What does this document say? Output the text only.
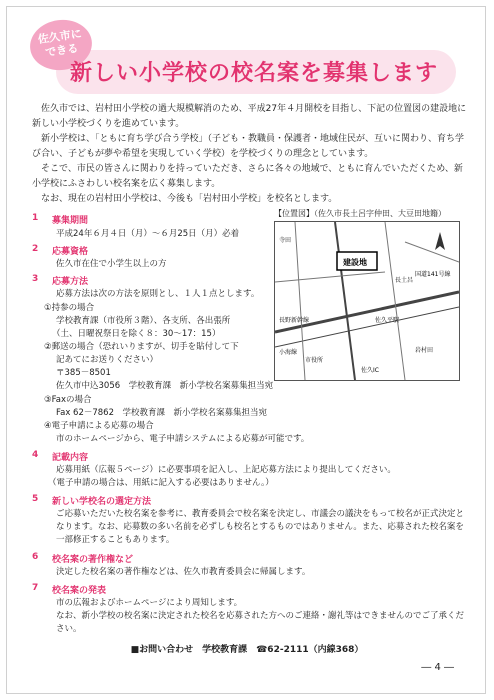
佐久市に
できる
新しい小学校の校名案を募集します

佐久市では、岩村田小学校の過大規模解消のため、平成27年４月開校を目指し、下記の位置図の建設地に新しい小学校づくりを進めています。

新小学校は、「ともに育ち学び合う学校」（子ども・教職員・保護者・地域住民が、互いに関わり、育ち学び合い、子どもが夢や希望を実現していく学校）を学校づくりの理念としています。

そこで、市民の皆さんに関わりを持っていただき、さらに各々の地域で、ともに育んでいただくため、新小学校にふさわしい校名案を広く募集します。

なお、現在の岩村田小学校は、今後も「岩村田小学校」を校名とします。

1 募集期間
平成24年６月４日（月）～６月25日（月）必着
2 応募資格
佐久市在住で小学生以上の方
3 応募方法
応募方法は次の方法を原則とし、１人１点とします。
①持参の場合
学校教育課（市役所３階）、各支所、各出張所
（土、日曜祝祭日を除く８：30～17：15）
②郵送の場合（恐れいりますが、切手を貼付して下
記あてにお送りください）
〒385－8501
佐久市中込3056　学校教育課　新小学校名案募集担当宛
③Faxの場合
Fax 62－7862　学校教育課　新小学校名案募集担当宛
④電子申請による応募の場合
市のホームページから、電子申請システムによる応募が可能です。
4 記載内容
応募用紙（広報５ページ）に必要事項を記入し、上記応募方法により提出してください。
（電子申請の場合は、用紙に記入する必要はありません。）
5 新しい学校名の選定方法
ご応募いただいた校名案を参考に、教育委員会で校名案を決定し、市議会の議決をもって校名が正式決定となります。なお、応募数の多い名前を必ずしも校名とするものではありません。また、応募された校名案を一部修正することもあります。
6 校名案の著作権など
決定した校名案の著作権などは、佐久市教育委員会に帰属します。
7 校名案の発表
市の広報およびホームページにより周知します。
なお、新小学校の校名案に決定された校名を応募された方へのご連絡・謝礼等はできませんのでご了承ください。
【位置図】（佐久市長土呂字仲田、大豆田地籍）
建設地
寺田
長土呂
岩村田
佐久平駅
市役所
国道141号線
長野新幹線
小海線
佐久IC
■お問い合わせ　学校教育課　☎62-2111（内線368）
― 4 ―
